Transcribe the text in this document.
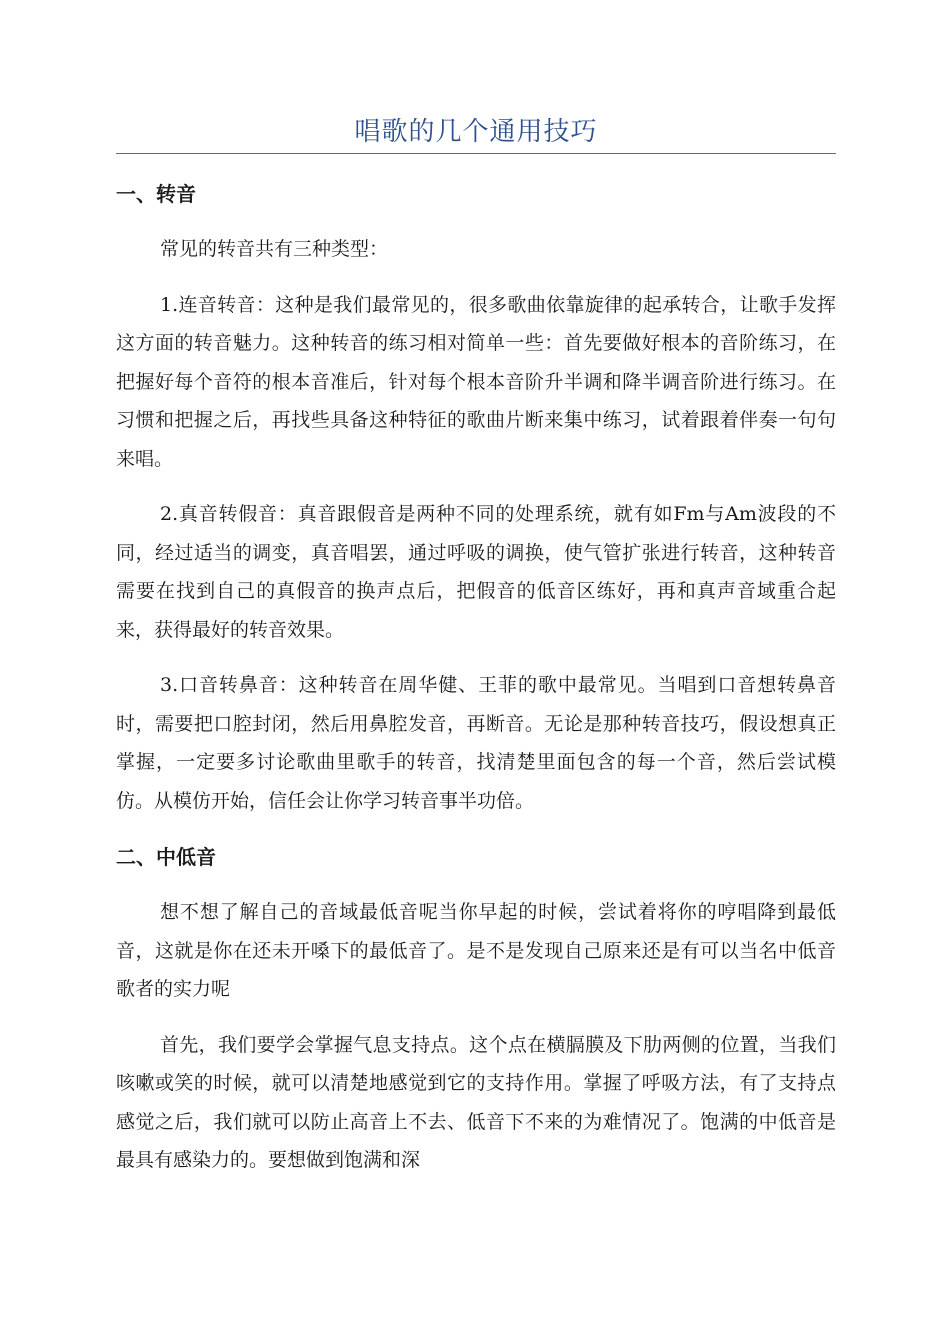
唱歌的几个通用技巧
一、转音

常见的转音共有三种类型：

1.连音转音：这种是我们最常见的，很多歌曲依靠旋律的起承转合，让歌手发挥这方面的转音魅力。这种转音的练习相对简单一些：首先要做好根本的音阶练习，在把握好每个音符的根本音准后，针对每个根本音阶升半调和降半调音阶进行练习。在习惯和把握之后，再找些具备这种特征的歌曲片断来集中练习，试着跟着伴奏一句句来唱。

2.真音转假音：真音跟假音是两种不同的处理系统，就有如Fm与Am波段的不同，经过适当的调变，真音唱罢，通过呼吸的调换，使气管扩张进行转音，这种转音需要在找到自己的真假音的换声点后，把假音的低音区练好，再和真声音域重合起来，获得最好的转音效果。

3.口音转鼻音：这种转音在周华健、王菲的歌中最常见。当唱到口音想转鼻音时，需要把口腔封闭，然后用鼻腔发音，再断音。无论是那种转音技巧，假设想真正掌握，一定要多讨论歌曲里歌手的转音，找清楚里面包含的每一个音，然后尝试模仿。从模仿开始，信任会让你学习转音事半功倍。

二、中低音

想不想了解自己的音域最低音呢当你早起的时候，尝试着将你的哼唱降到最低音，这就是你在还未开嗓下的最低音了。是不是发现自己原来还是有可以当名中低音歌者的实力呢

首先，我们要学会掌握气息支持点。这个点在横膈膜及下肋两侧的位置，当我们咳嗽或笑的时候，就可以清楚地感觉到它的支持作用。掌握了呼吸方法，有了支持点感觉之后，我们就可以防止高音上不去、低音下不来的为难情况了。饱满的中低音是最具有感染力的。要想做到饱满和深
